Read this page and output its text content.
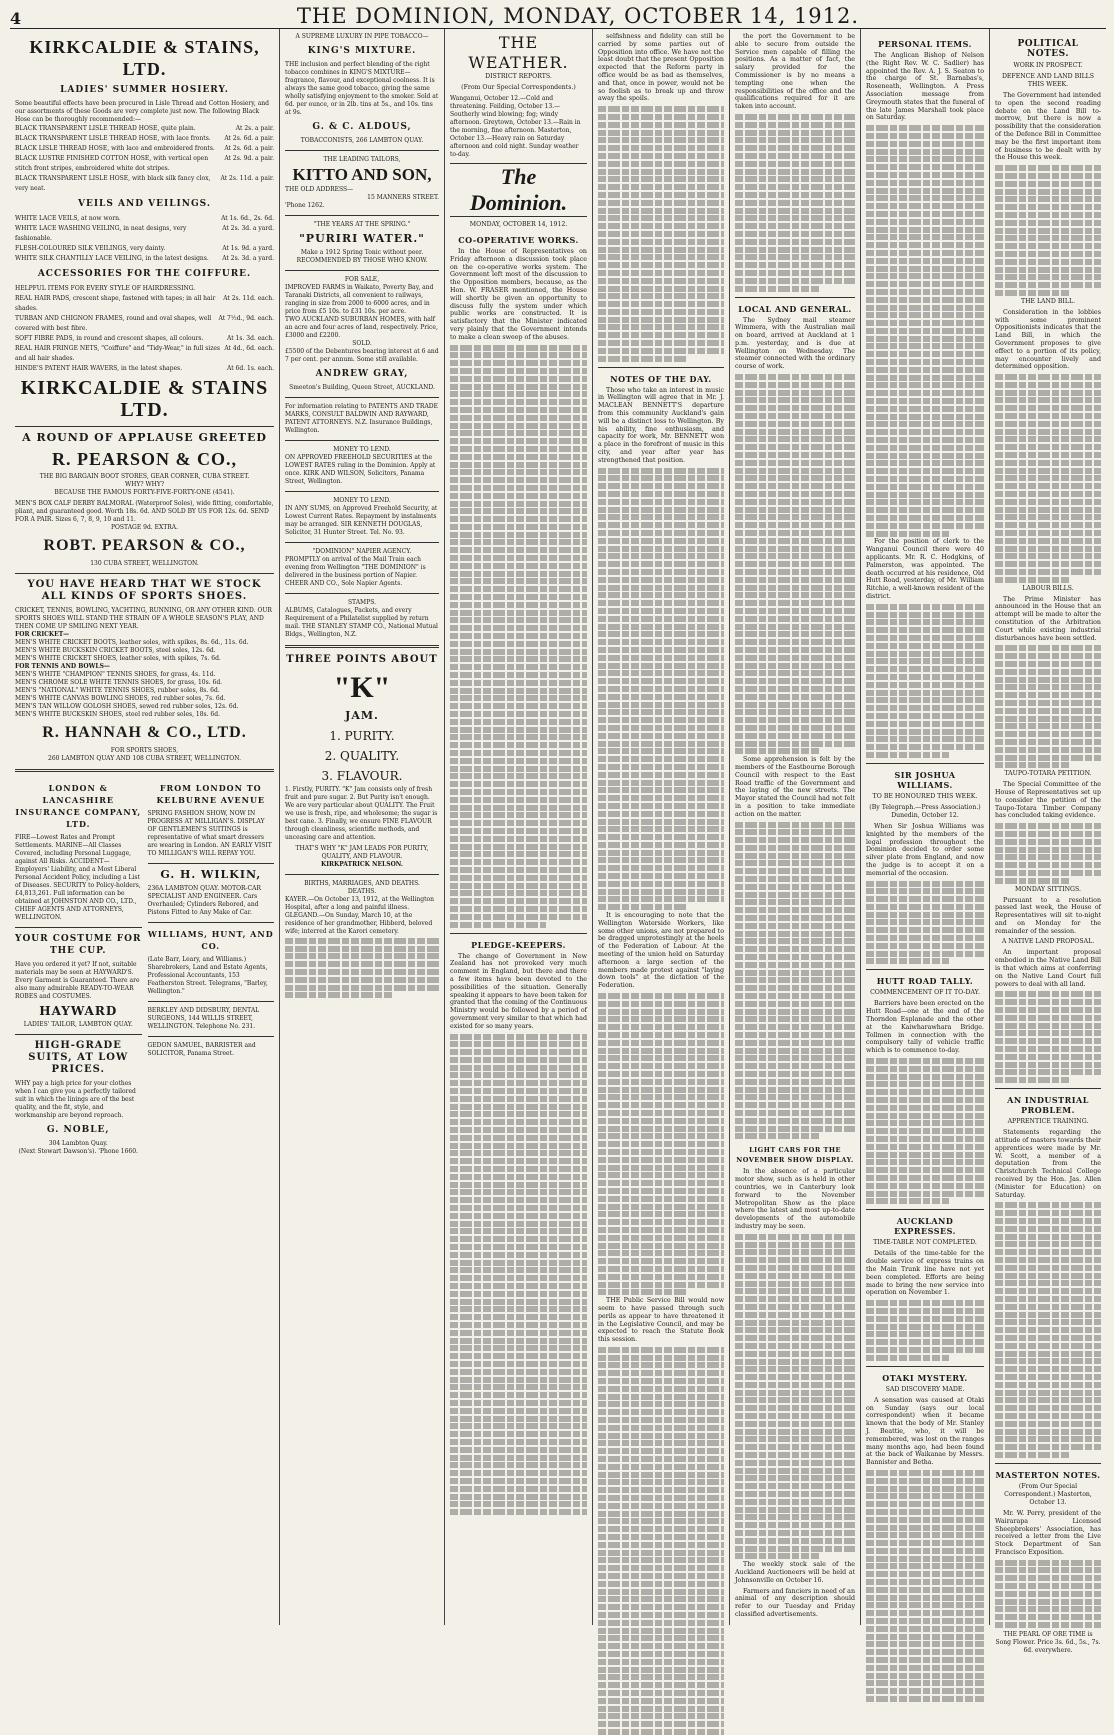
4	THE DOMINION, MONDAY, OCTOBER 14, 1912.
KIRKCALDIE & STAINS, LTD.
LADIES' SUMMER HOSIERY.
Some beautiful effects have been procured in Lisle Thread and Cotton Hosiery, and our assortments of these Goods are very complete just now. The following Black Hose can be thoroughly recommended:—
BLACK TRANSPARENT LISLE THREAD HOSE, quite plain.	At 2s. a pair.
BLACK TRANSPARENT LISLE THREAD HOSE, with lace fronts. At 2s. 6d. a pair.
BLACK LISLE THREAD HOSE, with lace and embroidered fronts. At 2s. 6d. a pair.
BLACK LUSTRE FINISHED COTTON HOSE, with vertical open stitch front stripes, embroidered white dot stripes.
At 2s. 9d. a pair.
BLACK TRANSPARENT LISLE HOSE, with black silk fancy clox, very neat.
At 2s. 11d. a pair.
VEILS AND VEILINGS.
WHITE LACE VEILS, at now worn.	At 1s. 6d., 2s. 6d.
WHITE LACE WASHING VEILING, in neat designs, very fashionable.
At 2s. 3d. a yard.
FLESH-COLOURED SILK VEILINGS, very dainty.	At 1s. 9d. a yard.
WHITE SILK CHANTILLY LACE VEILING, in the latest designs. At 2s. 3d. a yard.
ACCESSORIES FOR THE COIFFURE.
HELPFUL ITEMS FOR EVERY STYLE OF HAIRDRESSING.
REAL HAIR PADS, crescent shape, fastened with tapes; in all hair shades.
At 2s. 11d. each.
TURBAN AND CHIGNON FRAMES, round and oval shapes, well covered with best fibre.
At 7½d., 9d. each.
SOFT FIBRE PADS, in round and crescent shapes, all colours.	At 1s. 3d. each.
REAL HAIR FRINGE NETS, "Coiffure" and "Tidy-Wear," in full sizes and all hair shades.
At 4d., 6d. each.
HINDE'S PATENT HAIR WAVERS, in the latest shapes.	At 6d. 1s. each.
KIRKCALDIE & STAINS LTD.
A ROUND OF APPLAUSE GREETED
R. PEARSON & CO.,
THE BIG BARGAIN BOOT STORES, GEAR CORNER, CUBA STREET.
WHY? WHY?
BECAUSE THE FAMOUS FORTY-FIVE-FORTY-ONE (4541).
MEN'S BOX CALF DERBY BALMORAL (Waterproof Soles), wide fitting, comfortable, pliant, and guaranteed good. Worth 18s. 6d. AND SOLD BY US FOR 12s. 6d. SEND FOR A PAIR. Sizes 6, 7, 8, 9, 10 and 11.
POSTAGE 9d. EXTRA.
ROBT. PEARSON & CO.,
130 CUBA STREET, WELLINGTON.
YOU HAVE HEARD THAT WE STOCK ALL KINDS OF SPORTS SHOES.
CRICKET, TENNIS, BOWLING, YACHTING, RUNNING, OR ANY OTHER KIND. OUR SPORTS SHOES WILL STAND THE STRAIN OF A WHOLE SEASON'S PLAY, AND THEN COME UP SMILING NEXT YEAR.
FOR CRICKET—
MEN'S WHITE CRICKET BOOTS, leather soles, with spikes, 8s. 6d., 11s. 6d.
MEN'S WHITE BUCKSKIN CRICKET BOOTS, steel soles, 12s. 6d.
MEN'S WHITE CRICKET SHOES, leather soles, with spikes, 7s. 6d.
FOR TENNIS AND BOWLS—
MEN'S WHITE "CHAMPION" TENNIS SHOES, for grass, 4s. 11d.
MEN'S CHROME SOLE WHITE TENNIS SHOES, for grass, 10s. 6d.
MEN'S "NATIONAL" WHITE TENNIS SHOES, rubber soles, 8s. 6d.
MEN'S WHITE CANVAS BOWLING SHOES, red rubber soles, 7s. 6d.
MEN'S TAN WILLOW GOLOSH SHOES, sewed red rubber soles, 12s. 6d.
MEN'S WHITE BUCKSKIN SHOES, steel red rubber soles, 18s. 6d.
R. HANNAH & CO., LTD.
FOR SPORTS SHOES,
260 LAMBTON QUAY AND 108 CUBA STREET, WELLINGTON.
LONDON & LANCASHIRE INSURANCE COMPANY, LTD.
FIRE—Lowest Rates and Prompt Settlements. MARINE—All Classes Covered, including Personal Luggage, against All Risks. ACCIDENT—Employers' Liability, and a Most Liberal Personal Accident Policy, including a List of Diseases. SECURITY to Policy-holders, £4,813,261. Full information can be obtained at JOHNSTON AND CO., LTD., CHIEF AGENTS AND ATTORNEYS, WELLINGTON.
YOUR COSTUME FOR THE CUP.
Have you ordered it yet? If not, suitable materials may be seen at HAYWARD'S. Every Garment is Guaranteed. There are also many admirable READY-TO-WEAR ROBES and COSTUMES.
HAYWARD
LADIES' TAILOR, LAMBTON QUAY.
HIGH-GRADE SUITS, AT LOW PRICES.
WHY pay a high price for your clothes when I can give you a perfectly tailored suit in which the linings are of the best quality, and the fit, style, and workmanship are beyond reproach.
G. NOBLE,
304 Lambton Quay.
(Next Stewart Dawson's). 'Phone 1660.
FROM LONDON TO KELBURNE AVENUE
SPRING FASHION SHOW, NOW IN PROGRESS AT MILLIGAN'S. DISPLAY OF GENTLEMEN'S SUITINGS is representative of what smart dressers are wearing in London. AN EARLY VISIT TO MILLIGAN'S WILL REPAY YOU.
G. H. WILKIN,
236A LAMBTON QUAY. MOTOR-CAR SPECIALIST AND ENGINEER. Cars Overhauled; Cylinders Rebored, and Pistons Fitted to Any Make of Car.
WILLIAMS, HUNT, AND CO.
(Late Barr, Leary, and Williams.) Sharebrokers, Land and Estate Agents, Professional Accountants, 153 Featherston Street. Telegrams, "Barley, Wellington."
BERKLEY AND DIDSBURY, DENTAL SURGEONS, 144 WILLIS STREET, WELLINGTON. Telephone No. 231.
GEDON SAMUEL, BARRISTER and SOLICITOR, Panama Street.
A SUPREME LUXURY IN PIPE TOBACCO—
KING'S MIXTURE.
THE inclusion and perfect blending of the right tobacco combines in KING'S MIXTURE—fragrance, flavour, and exceptional coolness. It is always the same good tobacco, giving the same wholly satisfying enjoyment to the smoker. Sold at 6d. per ounce, or in 2lb. tins at 5s., and 10s. tins at 9s.
G. & C. ALDOUS,
TOBACCONISTS, 266 LAMBTON QUAY.
THE LEADING TAILORS,
KITTO AND SON,
THE OLD ADDRESS—
15 MANNERS STREET.
'Phone 1262.
"THE YEARS AT THE SPRING."
"PURIRI WATER."
Make a 1912 Spring Tonic without peer. RECOMMENDED BY THOSE WHO KNOW.
FOR SALE,
IMPROVED FARMS in Waikato, Poverty Bay, and Taranaki Districts, all convenient to railways, ranging in size from 2000 to 6000 acres, and in price from £5 10s. to £31 10s. per acre.
TWO AUCKLAND SUBURBAN HOMES, with half an acre and four acres of land, respectively. Price, £3000 and £2200.
SOLD.
£5500 of the Debentures bearing interest at 6 and 7 per cent. per annum. Some still available.
ANDREW GRAY,
Smeeton's Building, Queen Street, AUCKLAND.
For information relating to PATENTS AND TRADE MARKS, CONSULT BALDWIN AND RAYWARD, PATENT ATTORNEYS. N.Z. Insurance Buildings, Wellington.
MONEY TO LEND.
ON APPROVED FREEHOLD SECURITIES at the LOWEST RATES ruling in the Dominion. Apply at once. KIRK AND WILSON, Solicitors, Panama Street, Wellington.
MONEY TO LEND.
IN ANY SUMS, on Approved Freehold Security, at Lowest Current Rates. Repayment by instalments may be arranged. SIR KENNETH DOUGLAS, Solicitor, 31 Hunter Street. Tel. No. 93.
"DOMINION" NAPIER AGENCY.
PROMPTLY on arrival of the Mail Train each evening from Wellington "THE DOMINION" is delivered in the business portion of Napier. CHEER AND CO., Sole Napier Agents.
STAMPS.
ALBUMS, Catalogues, Packets, and every Requirement of a Philatelist supplied by return mail. THE STANLEY STAMP CO., National Mutual Bldgs., Wellington, N.Z.
THREE POINTS ABOUT
"K"
JAM.
1. PURITY.
2. QUALITY.
3. FLAVOUR.
1. Firstly, PURITY. "K" Jam consists only of fresh fruit and pure sugar. 2. But Purity isn't enough. We are very particular about QUALITY. The Fruit we use is fresh, ripe, and wholesome; the sugar is best cane. 3. Finally, we ensure FINE FLAVOUR through cleanliness, scientific methods, and unceasing care and attention.
THAT'S WHY "K" JAM LEADS FOR PURITY, QUALITY, AND FLAVOUR.
KIRKPATRICK NELSON.
BIRTHS, MARRIAGES, AND DEATHS.
DEATHS.
KAYER.—On October 13, 1912, at the Wellington Hospital, after a long and painful illness. GLEGAND.—On Sunday, March 10, at the residence of her grandmother, Hibberd, beloved wife; interred at the Karori cemetery.
THE WEATHER.
DISTRICT REPORTS.
(From Our Special Correspondents.)
Wanganui, October 12.—Cold and threatening. Feilding, October 13.—Southerly wind blowing; fog; windy afternoon. Greytown, October 13.—Rain in the morning, fine afternoon. Masterton, October 13.—Heavy rain on Saturday afternoon and cold night. Sunday weather to-day.
The Dominion.
MONDAY, OCTOBER 14, 1912.
CO-OPERATIVE WORKS.

In the House of Representatives on Friday afternoon a discussion took place on the co-operative works system. The Government left most of the discussion to the Opposition members, because, as the Hon. W. FRASER mentioned, the House will shortly be given an opportunity to discuss fully the system under which public works are constructed. It is satisfactory that the Minister indicated very plainly that the Government intends to make a clean sweep of the abuses.

PLEDGE-KEEPERS.

The change of Government in New Zealand has not provoked very much comment in England, but there and there a few items have been devoted to the possibilities of the situation. Generally speaking it appears to have been taken for granted that the coming of the Continuous Ministry would be followed by a period of government very similar to that which had existed for so many years.

selfishness and fidelity can still be carried by some parties out of Opposition into office. We have not the least doubt that the present Opposition expected that the Reform party in office would be as bad as themselves, and that, once in power, would not be so foolish as to break up and throw away the spoils.

NOTES OF THE DAY.

Those who take an interest in music in Wellington will agree that in Mr. J. MACLEAN BENNETT'S departure from this community Auckland's gain will be a distinct loss to Wellington. By his ability, fine enthusiasm, and capacity for work, Mr. BENNETT won a place in the forefront of music in this city, and year after year has strengthened that position.

It is encouraging to note that the Wellington Waterside Workers, like some other unions, are not prepared to be dragged unprotestingly at the heels of the Federation of Labour. At the meeting of the union held on Saturday afternoon a large section of the members made protest against "laying down tools" at the dictation of the Federation.

THE Public Service Bill would now seem to have passed through such perils as appear to have threatened it in the Legislative Council, and may be expected to reach the Statute Book this session.

the port the Government to be able to secure from outside the Service men capable of filling the positions. As a matter of fact, the salary provided for the Commissioner is by no means a tempting one when the responsibilities of the office and the qualifications required for it are taken into account.

LOCAL AND GENERAL.

The Sydney mail steamer Wimmera, with the Australian mail on board, arrived at Auckland at 1 p.m. yesterday, and is due at Wellington on Wednesday. The steamer connected with the ordinary course of work.

Some apprehension is felt by the members of the Eastbourne Borough Council with respect to the East Road traffic of the Government and the laying of the new streets. The Mayor stated the Council had not felt in a position to take immediate action on the matter.

LIGHT CARS FOR THE NOVEMBER SHOW DISPLAY.

In the absence of a particular motor show, such as is held in other countries, we in Canterbury look forward to the November Metropolitan Show as the place where the latest and most up-to-date developments of the automobile industry may be seen.

The weekly stock sale of the Auckland Auctioneers will be held at Johnsonville on October 16.

Farmers and fanciers in need of an animal of any description should refer to our Tuesday and Friday classified advertisements.

PERSONAL ITEMS.

The Anglican Bishop of Nelson (the Right Rev. W. C. Sadlier) has appointed the Rev. A. J. S. Seaton to the charge of St. Barnabas's, Roseneath, Wellington. A Press Association message from Greymouth states that the funeral of the late James Marshall took place on Saturday.

For the position of clerk to the Wanganui Council there were 40 applicants. Mr. R. C. Hodgkins, of Palmerston, was appointed. The death occurred at his residence, Old Hutt Road, yesterday, of Mr. William Ritchie, a well-known resident of the district.

SIR JOSHUA WILLIAMS.
TO BE HONOURED THIS WEEK.
(By Telegraph.—Press Association.) Dunedin, October 12.

When Sir Joshua Williams was knighted by the members of the legal profession throughout the Dominion decided to order some silver plate from England, and now the judge is to accept it on a memorial of the occasion.

HUTT ROAD TALLY.
COMMENCEMENT OF IT TO-DAY.

Barriers have been erected on the Hutt Road—one at the end of the Thorndon Esplanade and the other at the Kaiwharawhara Bridge. Tollmen in connection with the compulsory tally of vehicle traffic which is to commence to-day.

AUCKLAND EXPRESSES.
TIME-TABLE NOT COMPLETED.

Details of the time-table for the double service of express trains on the Main Trunk line have not yet been completed. Efforts are being made to bring the new service into operation on November 1.

OTAKI MYSTERY.
SAD DISCOVERY MADE.

A sensation was caused at Otaki on Sunday (says our local correspondent) when it became known that the body of Mr. Stanley J. Beattie, who, it will be remembered, was lost on the ranges many months ago, had been found at the back of Waikanae by Messrs. Bannister and Betha.

POLITICAL NOTES.
WORK IN PROSPECT.
DEFENCE AND LAND BILLS THIS WEEK.

The Government had intended to open the second reading debate on the Land Bill to-morrow, but there is now a possibility that the consideration of the Defence Bill in Committee may be the first important item of business to be dealt with by the House this week.

THE LAND BILL.

Consideration in the lobbies with some prominent Oppositionists indicates that the Land Bill, in which the Government proposes to give effect to a portion of its policy, may encounter lively and determined opposition.

LABOUR BILLS.

The Prime Minister has announced in the House that an attempt will be made to alter the constitution of the Arbitration Court while existing industrial disturbances have been settled.

TAUPO-TOTARA PETITION.

The Special Committee of the House of Representatives set up to consider the petition of the Taupo-Totara Timber Company has concluded taking evidence.

MONDAY SITTINGS.

Pursuant to a resolution passed last week, the House of Representatives will sit to-night and on Monday for the remainder of the session.

A NATIVE LAND PROPOSAL.

An important proposal embodied in the Native Land Bill is that which aims at conferring on the Native Land Court full powers to deal with all land.

AN INDUSTRIAL PROBLEM.
APPRENTICE TRAINING.

Statements regarding the attitude of masters towards their apprentices were made by Mr. W. Scott, a member of a deputation from the Christchurch Technical College received by the Hon. Jas. Allen (Minister for Education) on Saturday.

MASTERTON NOTES.
(From Our Special Correspondent.) Masterton, October 13.

Mr. W. Perry, president of the Wairarapa Licensed Sheepbrokers' Association, has received a letter from the Live Stock Department of San Francisco Exposition.

THE PEARL OF ORE TIME is Song Flower. Price 3s. 6d., 5s., 7s. 6d. everywhere.
